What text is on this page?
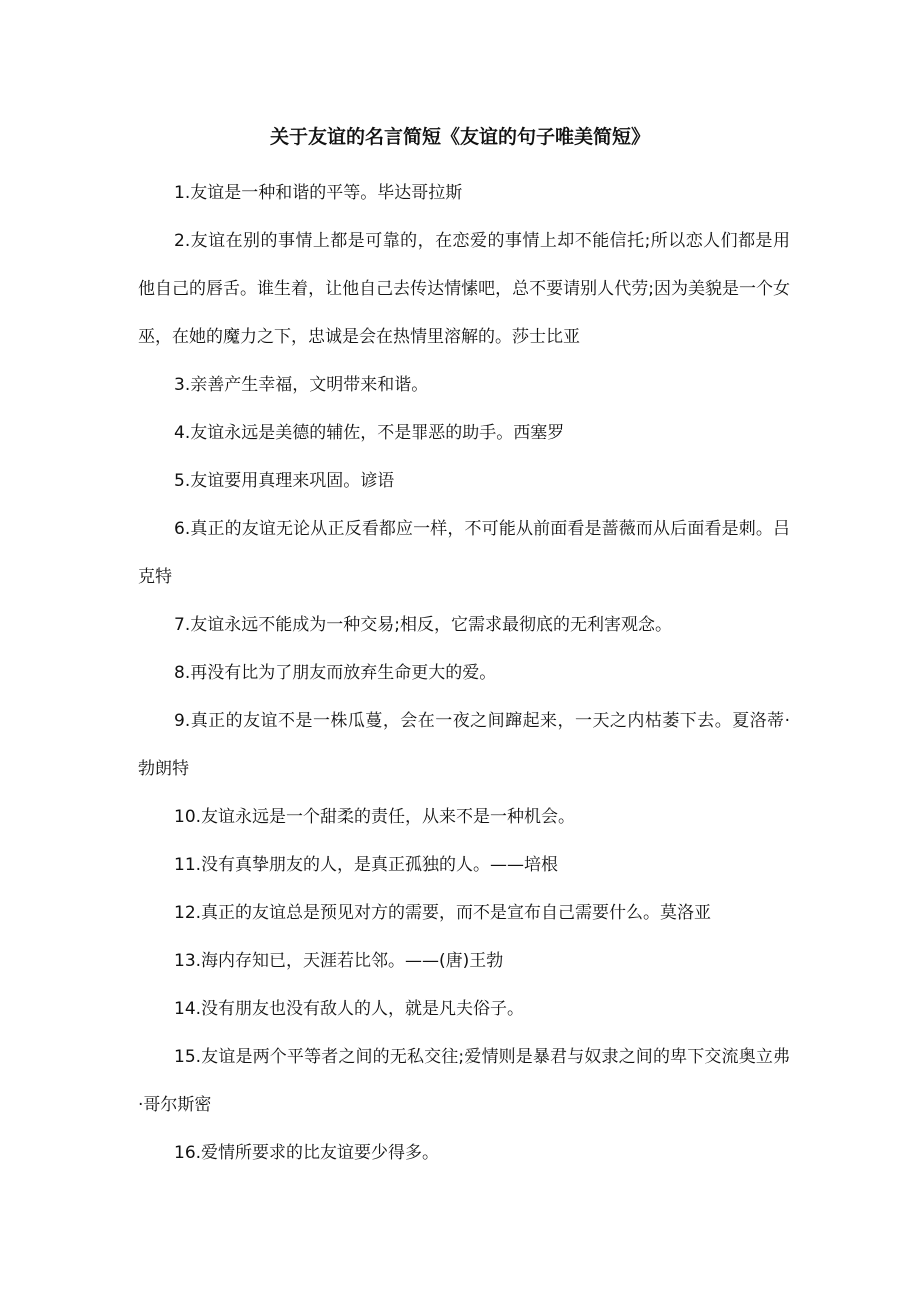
关于友谊的名言简短《友谊的句子唯美简短》

1.友谊是一种和谐的平等。毕达哥拉斯

2.友谊在别的事情上都是可靠的，在恋爱的事情上却不能信托;所以恋人们都是用他自己的唇舌。谁生着，让他自己去传达情愫吧，总不要请别人代劳;因为美貌是一个女巫，在她的魔力之下，忠诚是会在热情里溶解的。莎士比亚

3.亲善产生幸福，文明带来和谐。

4.友谊永远是美德的辅佐，不是罪恶的助手。西塞罗

5.友谊要用真理来巩固。谚语

6.真正的友谊无论从正反看都应一样，不可能从前面看是蔷薇而从后面看是刺。吕克特

7.友谊永远不能成为一种交易;相反，它需求最彻底的无利害观念。

8.再没有比为了朋友而放弃生命更大的爱。

9.真正的友谊不是一株瓜蔓，会在一夜之间蹿起来，一天之内枯萎下去。夏洛蒂·勃朗特

10.友谊永远是一个甜柔的责任，从来不是一种机会。

11.没有真挚朋友的人，是真正孤独的人。——培根

12.真正的友谊总是预见对方的需要，而不是宣布自己需要什么。莫洛亚

13.海内存知已，天涯若比邻。——(唐)王勃

14.没有朋友也没有敌人的人，就是凡夫俗子。

15.友谊是两个平等者之间的无私交往;爱情则是暴君与奴隶之间的卑下交流奥立弗·哥尔斯密

16.爱情所要求的比友谊要少得多。
